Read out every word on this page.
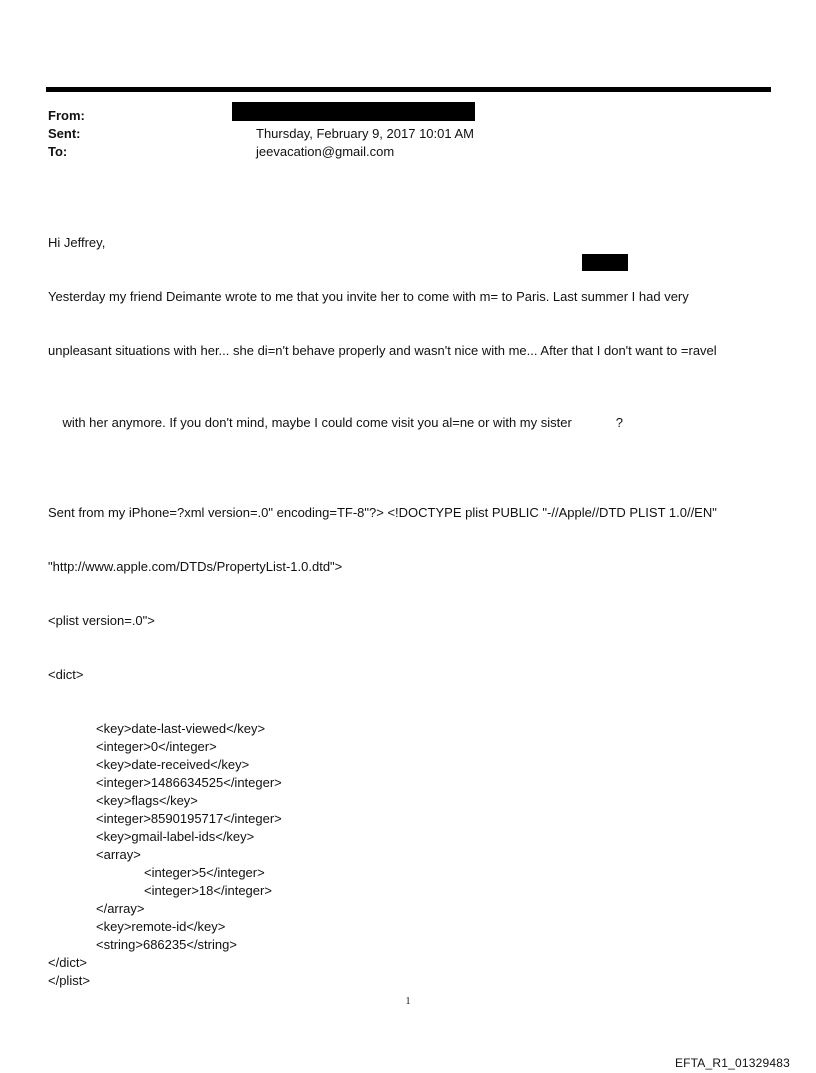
From:
Sent:	Thursday, February 9, 2017 10:01 AM
To:	jeevacation@gmail.com

Hi Jeffrey,

Yesterday my friend Deimante wrote to me that you invite her to come with m= to Paris. Last summer I had very

unpleasant situations with her... she di=n't behave properly and wasn't nice with me... After that I don't want to =ravel

with her anymore. If you don't mind, maybe I could come visit you al=ne or with my sister	?

Sent from my iPhone=?xml version=.0" encoding=TF-8"?> <!DOCTYPE plist PUBLIC "-//Apple//DTD PLIST 1.0//EN"

"http://www.apple.com/DTDs/PropertyList-1.0.dtd">

<plist version=.0">

<dict>

<key>date-last-viewed</key>
<integer>0</integer>
<key>date-received</key>
<integer>1486634525</integer>
<key>flags</key>
<integer>8590195717</integer>
<key>gmail-label-ids</key>
<array>
<integer>5</integer>
<integer>18</integer>
</array>
<key>remote-id</key>
<string>686235</string>
</dict>
</plist>

1
EFTA_R1_01329483
